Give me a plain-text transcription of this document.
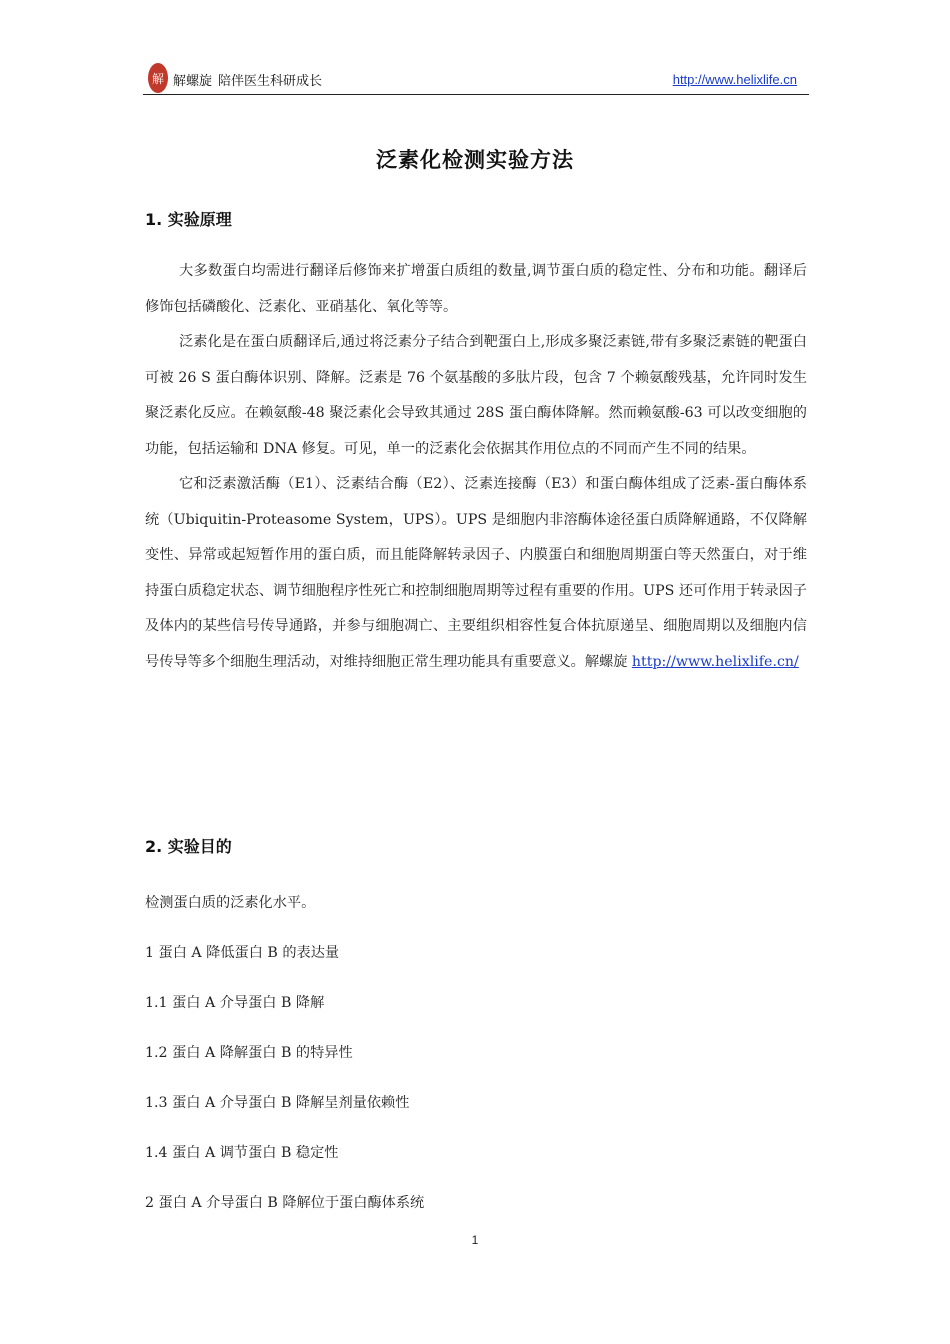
解 解螺旋 陪伴医生科研成长	http://www.helixlife.cn
泛素化检测实验方法
1. 实验原理

大多数蛋白均需进行翻译后修饰来扩增蛋白质组的数量,调节蛋白质的稳定性、分布和功能。翻译后修饰包括磷酸化、泛素化、亚硝基化、氧化等等。

泛素化是在蛋白质翻译后,通过将泛素分子结合到靶蛋白上,形成多聚泛素链,带有多聚泛素链的靶蛋白可被 26 S 蛋白酶体识别、降解。泛素是 76 个氨基酸的多肽片段，包含 7 个赖氨酸残基，允许同时发生聚泛素化反应。在赖氨酸-48 聚泛素化会导致其通过 28S 蛋白酶体降解。然而赖氨酸-63 可以改变细胞的功能，包括运输和 DNA 修复。可见，单一的泛素化会依据其作用位点的不同而产生不同的结果。

它和泛素激活酶（E1）、泛素结合酶（E2）、泛素连接酶（E3）和蛋白酶体组成了泛素-蛋白酶体系统（Ubiquitin-Proteasome System，UPS）。UPS 是细胞内非溶酶体途径蛋白质降解通路，不仅降解变性、异常或起短暂作用的蛋白质，而且能降解转录因子、内膜蛋白和细胞周期蛋白等天然蛋白，对于维持蛋白质稳定状态、调节细胞程序性死亡和控制细胞周期等过程有重要的作用。UPS 还可作用于转录因子及体内的某些信号传导通路，并参与细胞凋亡、主要组织相容性复合体抗原递呈、细胞周期以及细胞内信号传导等多个细胞生理活动，对维持细胞正常生理功能具有重要意义。解螺旋 http://www.helixlife.cn/

2. 实验目的
检测蛋白质的泛素化水平。
1 蛋白 A 降低蛋白 B 的表达量
1.1 蛋白 A 介导蛋白 B 降解
1.2 蛋白 A 降解蛋白 B 的特异性
1.3 蛋白 A 介导蛋白 B 降解呈剂量依赖性
1.4 蛋白 A 调节蛋白 B 稳定性
2 蛋白 A 介导蛋白 B 降解位于蛋白酶体系统
1
